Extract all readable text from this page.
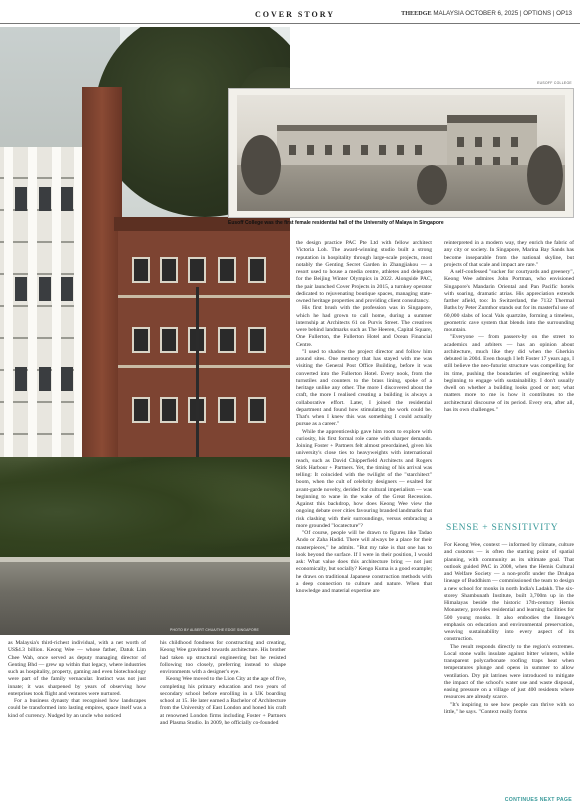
COVER STORY	THEEDGE MALAYSIA OCTOBER 6, 2025 | OPTIONS | OP13
PHOTO BY ALBERT CHUA/THE EDGE SINGAPORE
EUSOFF COLLEGE
Eusoff College was the first female residential hall of the University of Malaya in Singapore

as Malaysia's third-richest individual, with a net worth of US$4.3 billion. Keong Wee — whose father, Datuk Lim Chee Wah, once served as deputy managing director of Genting Bhd — grew up within that legacy, where industries such as hospitality, property, gaming and even biotechnology were part of the family vernacular. Instinct was not just innate; it was sharpened by years of observing how enterprises took flight and ventures were nurtured.

For a business dynasty that recognised how landscapes could be transformed into lasting empires, space itself was a kind of currency. Nudged by an uncle who noticed

his childhood fondness for constructing and creating, Keong Wee gravitated towards architecture. His brother had taken up structural engineering but he resisted following too closely, preferring instead to shape environments with a designer's eye.

Keong Wee moved to the Lion City at the age of five, completing his primary education and two years of secondary school before enrolling in a UK boarding school at 15. He later earned a Bachelor of Architecture from the University of East London and honed his craft at renowned London firms including Foster + Partners and Plasma Studio. In 2009, he officially co-founded

the design practice PAC Pte Ltd with fellow architect Victoria Loh. The award-winning studio built a strong reputation in hospitality through large-scale projects, most notably the Genting Secret Garden in Zhangjiakou — a resort used to house a media centre, athletes and delegates for the Beijing Winter Olympics in 2022. Alongside PAC, the pair launched Cover Projects in 2015, a turnkey operator dedicated to rejuvenating boutique spaces, managing state-owned heritage properties and providing client consultancy.

His first brush with the profession was in Singapore, which he had grown to call home, during a summer internship at Architects 61 on Purvis Street. The creatives were behind landmarks such as The Heeren, Capital Square, One Fullerton, the Fullerton Hotel and Ocean Financial Centre.

"I used to shadow the project director and follow him around sites. One memory that has stayed with me was visiting the General Post Office Building, before it was converted into the Fullerton Hotel. Every nook, from the turnstiles and counters to the brass lining, spoke of a heritage unlike any other. The more I discovered about the craft, the more I realised creating a building is always a collaborative effort. Later, I joined the residential department and found how stimulating the work could be. That's when I knew this was something I could actually pursue as a career."

While the apprenticeship gave him room to explore with curiosity, his first formal role came with sharper demands. Joining Foster + Partners felt almost preordained, given his university's close ties to heavyweights with international reach, such as David Chipperfield Architects and Rogers Stirk Harbour + Partners. Yet, the timing of his arrival was telling: It coincided with the twilight of the "starchitect" boom, when the cult of celebrity designers — exalted for avant-garde novelty, derided for cultural imperialism — was beginning to wane in the wake of the Great Recession. Against this backdrop, how does Keong Wee view the ongoing debate over cities favouring branded landmarks that risk clashing with their surroundings, versus embracing a more grounded "locatecture"?

"Of course, people will be drawn to figures like Tadao Ando or Zaha Hadid. There will always be a place for their masterpieces," he admits. "But my take is that one has to look beyond the surface. If I were in their position, I would ask: What value does this architecture bring — not just economically, but socially? Kengo Kuma is a good example; he draws on traditional Japanese construction methods with a deep connection to culture and nature. When that knowledge and material expertise are

reinterpreted in a modern way, they enrich the fabric of any city or society. In Singapore, Marina Bay Sands has become inseparable from the national skyline, but projects of that scale and impact are rare."

A self-confessed "sucker for courtyards and greenery", Keong Wee admires John Portman, who envisioned Singapore's Mandarin Oriental and Pan Pacific hotels with soaring, dramatic atrias. His appreciation extends farther afield, too: In Switzerland, the 7132 Thermal Baths by Peter Zumthor stands out for its masterful use of 60,000 slabs of local Vals quartzite, forming a timeless, geometric cave system that blends into the surrounding mountain.

"Everyone — from passers-by on the street to academics and arbiters — has an opinion about architecture, much like they did when the Gherkin debuted in 2004. Even though I left Foster 17 years ago, I still believe the neo-futurist structure was compelling for its time, pushing the boundaries of engineering while beginning to engage with sustainability. I don't usually dwell on whether a building looks good or not; what matters more to me is how it contributes to the architectural discourse of its period. Every era, after all, has its own challenges."

SENSE + SENSITIVITY

For Keong Wee, context — informed by climate, culture and customs — is often the starting point of spatial planning, with community as its ultimate goal. That outlook guided PAC in 2008, when the Hemis Cultural and Welfare Society — a non-profit under the Drukpa lineage of Buddhism — commissioned the team to design a new school for monks in north India's Ladakh. The six-storey Shambunath Institute, built 3,700m up in the Himalayas beside the historic 17th-century Hemis Monastery, provides residential and learning facilities for 500 young monks. It also embodies the lineage's emphasis on education and environmental preservation, weaving sustainability into every aspect of its construction.

The result responds directly to the region's extremes. Local stone walls insulate against bitter winters, while transparent polycarbonate roofing traps heat when temperatures plunge and opens in summer to allow ventilation. Dry pit latrines were introduced to mitigate the impact of the school's water use and waste disposal, easing pressure on a village of just 400 residents where resources are already scarce.

"It's inspiring to see how people can thrive with so little," he says. "Context really forms

CONTINUES NEXT PAGE
